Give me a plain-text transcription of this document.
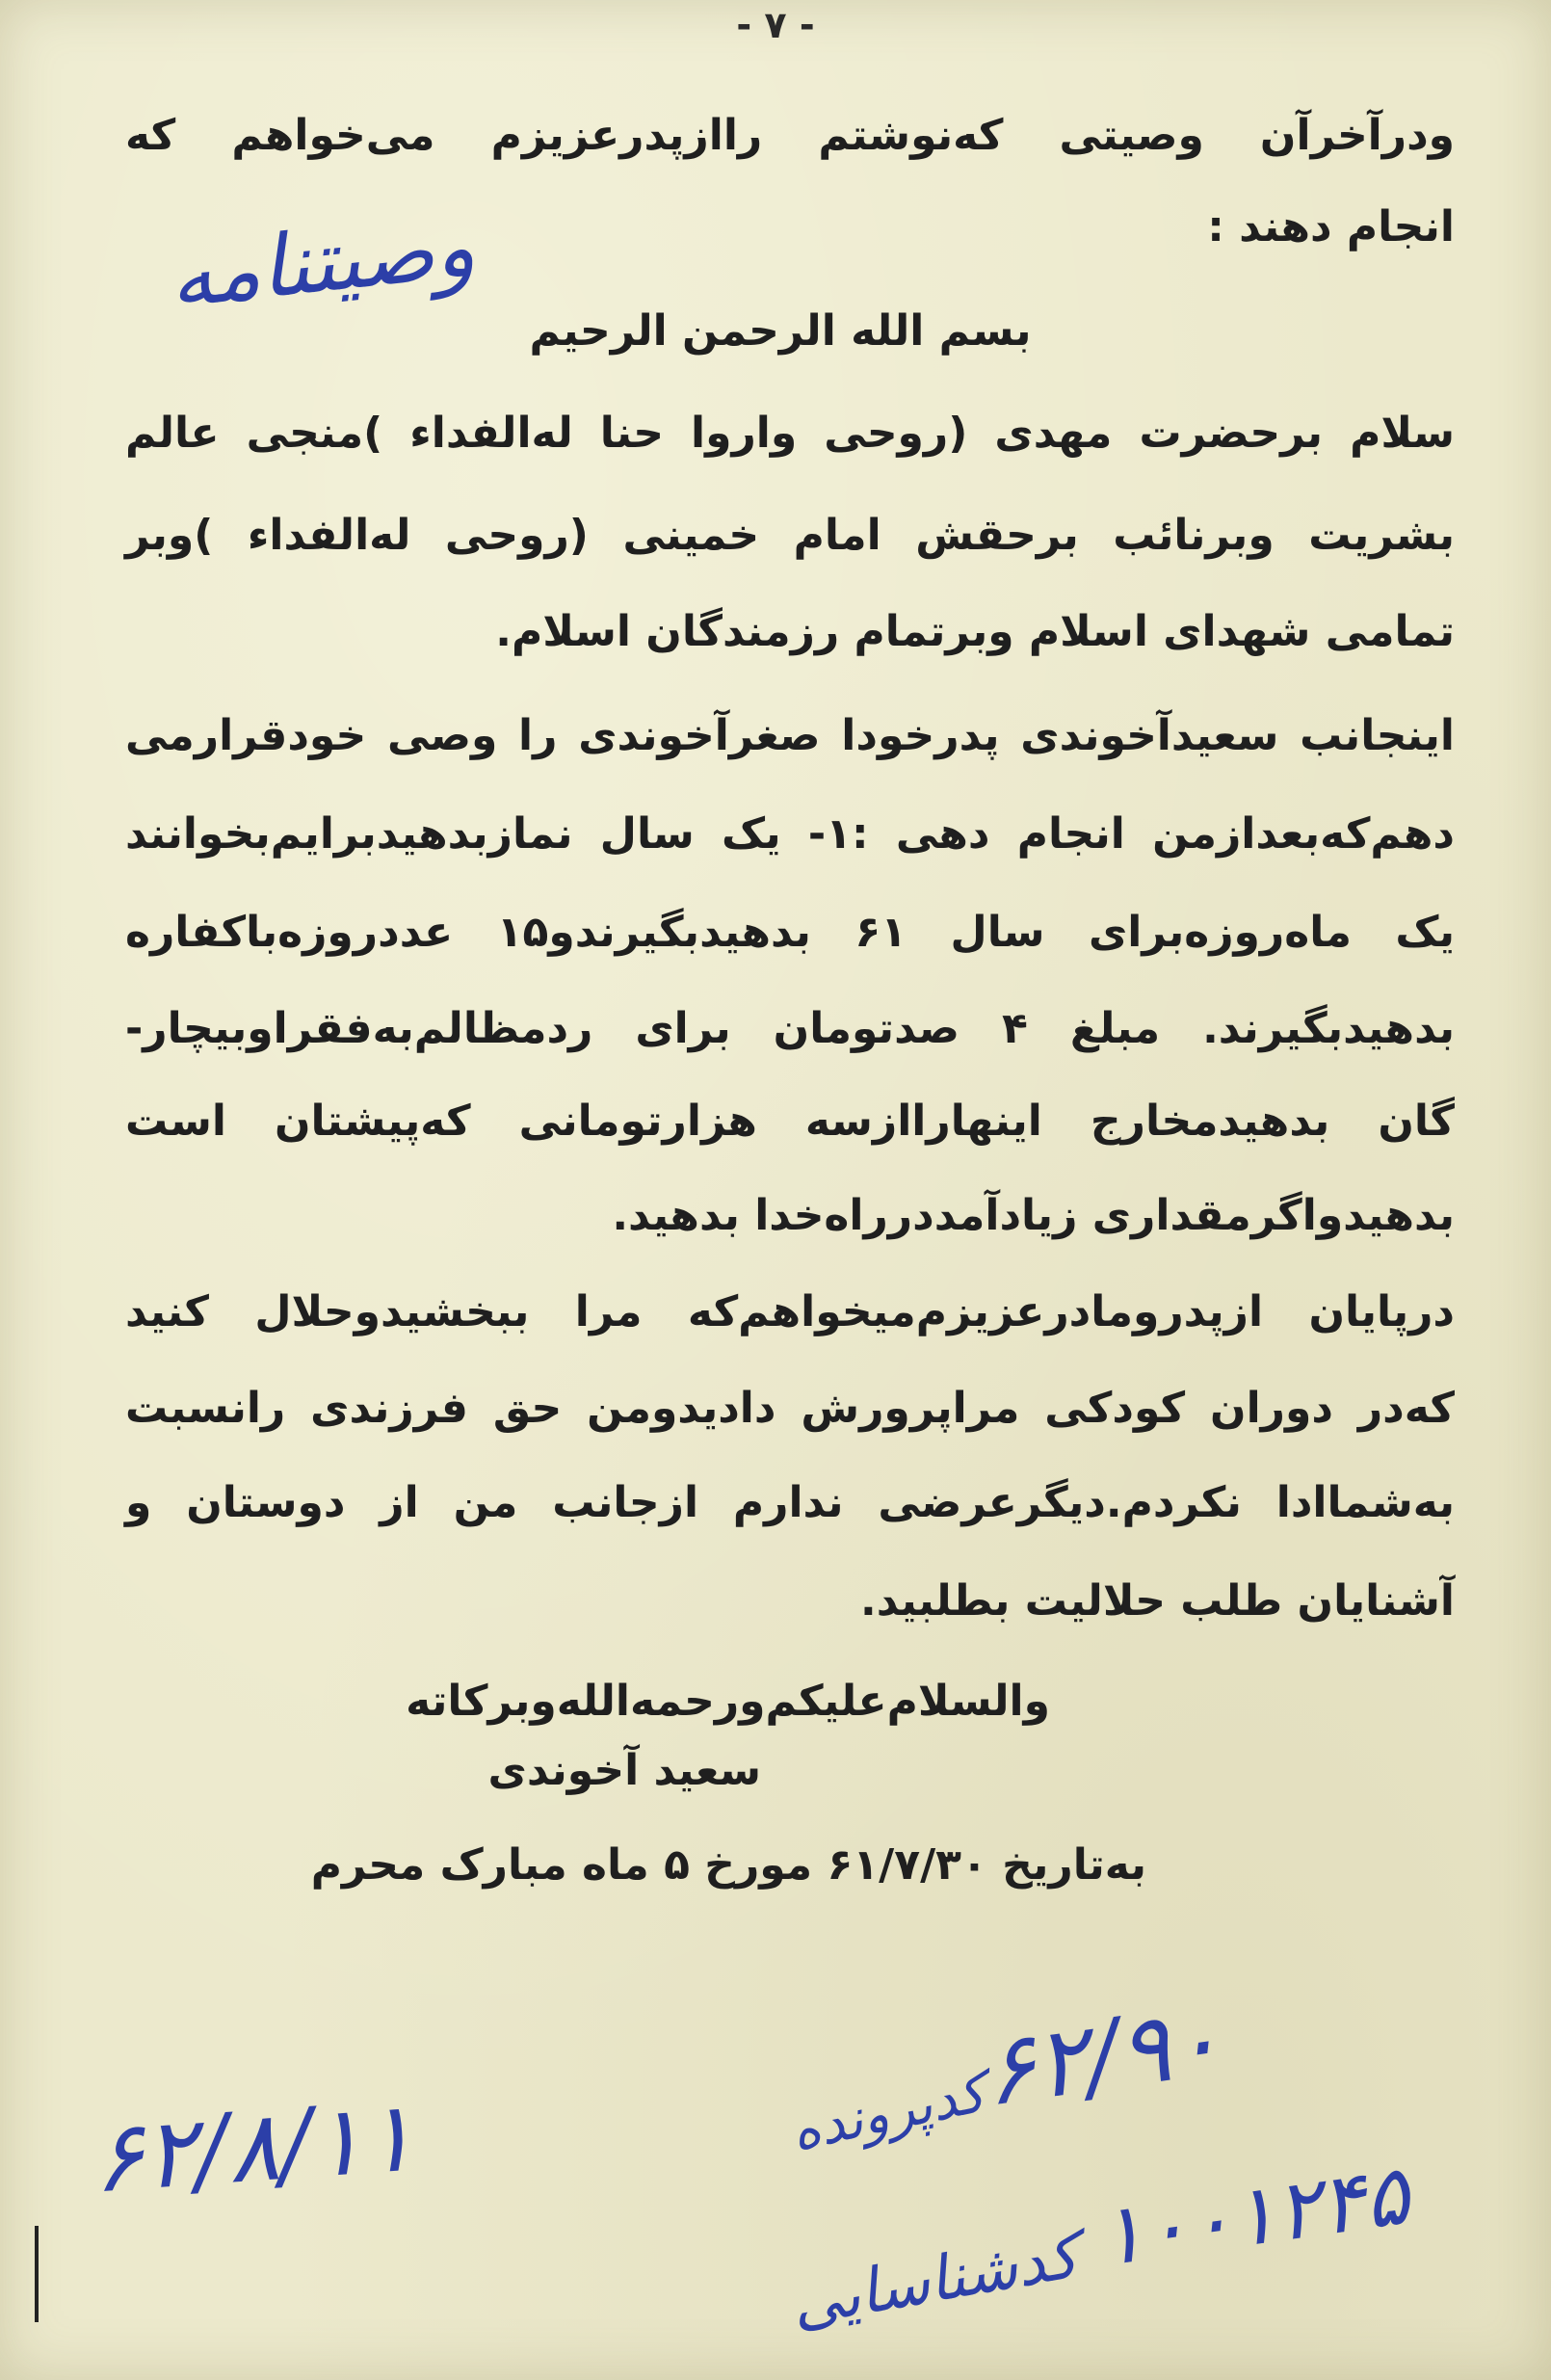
- ۷ -
ودرآخرآن وصیتی که‌نوشتم راازپدرعزیزم می‌خواهم که
انجام دهند :
بسم الله الرحمن الرحیم
سلام برحضرت مهدی (روحی واروا حنا له‌الفداء )منجی عالم
بشریت وبرنائب برحقش امام خمینی (روحی له‌الفداء )وبر
تمامی شهدای اسلام وبرتمام رزمندگان اسلام.
اینجانب سعیدآخوندی پدرخودا صغرآخوندی را وصی خودقرارمی‌
دهم‌که‌بعدازمن انجام دهی :۱- یک سال نمازبدهیدبرایم‌بخوانند
یک ماه‌روزه‌برای سال ۶۱ بدهیدبگیرندو۱۵ عددروزه‌باکفاره
بدهیدبگیرند. مبلغ ۴ صدتومان برای ردمظالم‌به‌فقراوبیچار-
گان بدهیدمخارج اینهاراازسه هزارتومانی که‌پیشتان است
بدهیدواگرمقداری زیادآمددرراه‌خدا بدهید.
درپایان ازپدرومادرعزیزم‌میخواهم‌که مرا ببخشیدوحلال کنید
که‌در دوران کودکی مراپرورش دادیدومن حق فرزندی رانسبت
به‌شماادا نکردم.دیگرعرضی ندارم ازجانب من از دوستان و
آشنایان طلب حلالیت بطلبید.
والسلام‌علیکم‌ورحمه‌الله‌وبرکاته
سعید آخوندی
به‌تاریخ ۶۱/۷/۳۰ مورخ ۵ ماه مبارک محرم
وصیتنامه
۶۲/۹۰
کدپرونده
۶۲/۸/۱۱	۱۰۰۱۲۴۵
کدشناسایی
